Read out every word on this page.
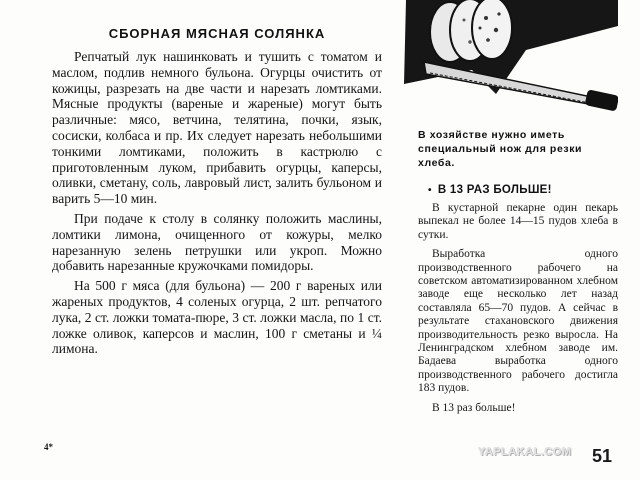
СБОРНАЯ МЯСНАЯ СОЛЯНКА

Репчатый лук нашинковать и тушить с томатом и маслом, подлив немного бульона. Огурцы очистить от кожицы, разрезать на две части и нарезать ломтиками. Мясные продукты (вареные и жареные) могут быть различные: мясо, ветчина, телятина, почки, язык, сосиски, колбаса и пр. Их следует нарезать небольшими тонкими ломтиками, положить в кастрюлю с приготовленным луком, прибавить огурцы, каперсы, оливки, сметану, соль, лавровый лист, залить бульоном и варить 5—10 мин.

При подаче к столу в солянку положить маслины, ломтики лимона, очищенного от кожуры, мелко нарезанную зелень петрушки или укроп. Можно добавить нарезанные кружочками помидоры.

На 500 г мяса (для бульона) — 200 г вареных или жареных продуктов, 4 соленых огурца, 2 шт. репчатого лука, 2 ст. ложки томата-пюре, 3 ст. ложки масла, по 1 ст. ложке оливок, каперсов и маслин, 100 г сметаны и ¼ лимона.

4*

В хозяйстве нужно иметь специальный нож для резки хлеба.

• В 13 РАЗ БОЛЬШЕ!

В кустарной пекарне один пекарь выпекал не более 14—15 пудов хлеба в сутки.

Выработка одного производственного рабочего на советском автоматизированном хлебном заводе еще несколько лет назад составляла 65—70 пудов. А сейчас в результате стахановского движения производительность резко выросла. На Ленинградском хлебном заводе им. Бадаева выработка одного производственного рабочего достигла 183 пудов.

В 13 раз больше!

YAPLAKAL.COM 51
